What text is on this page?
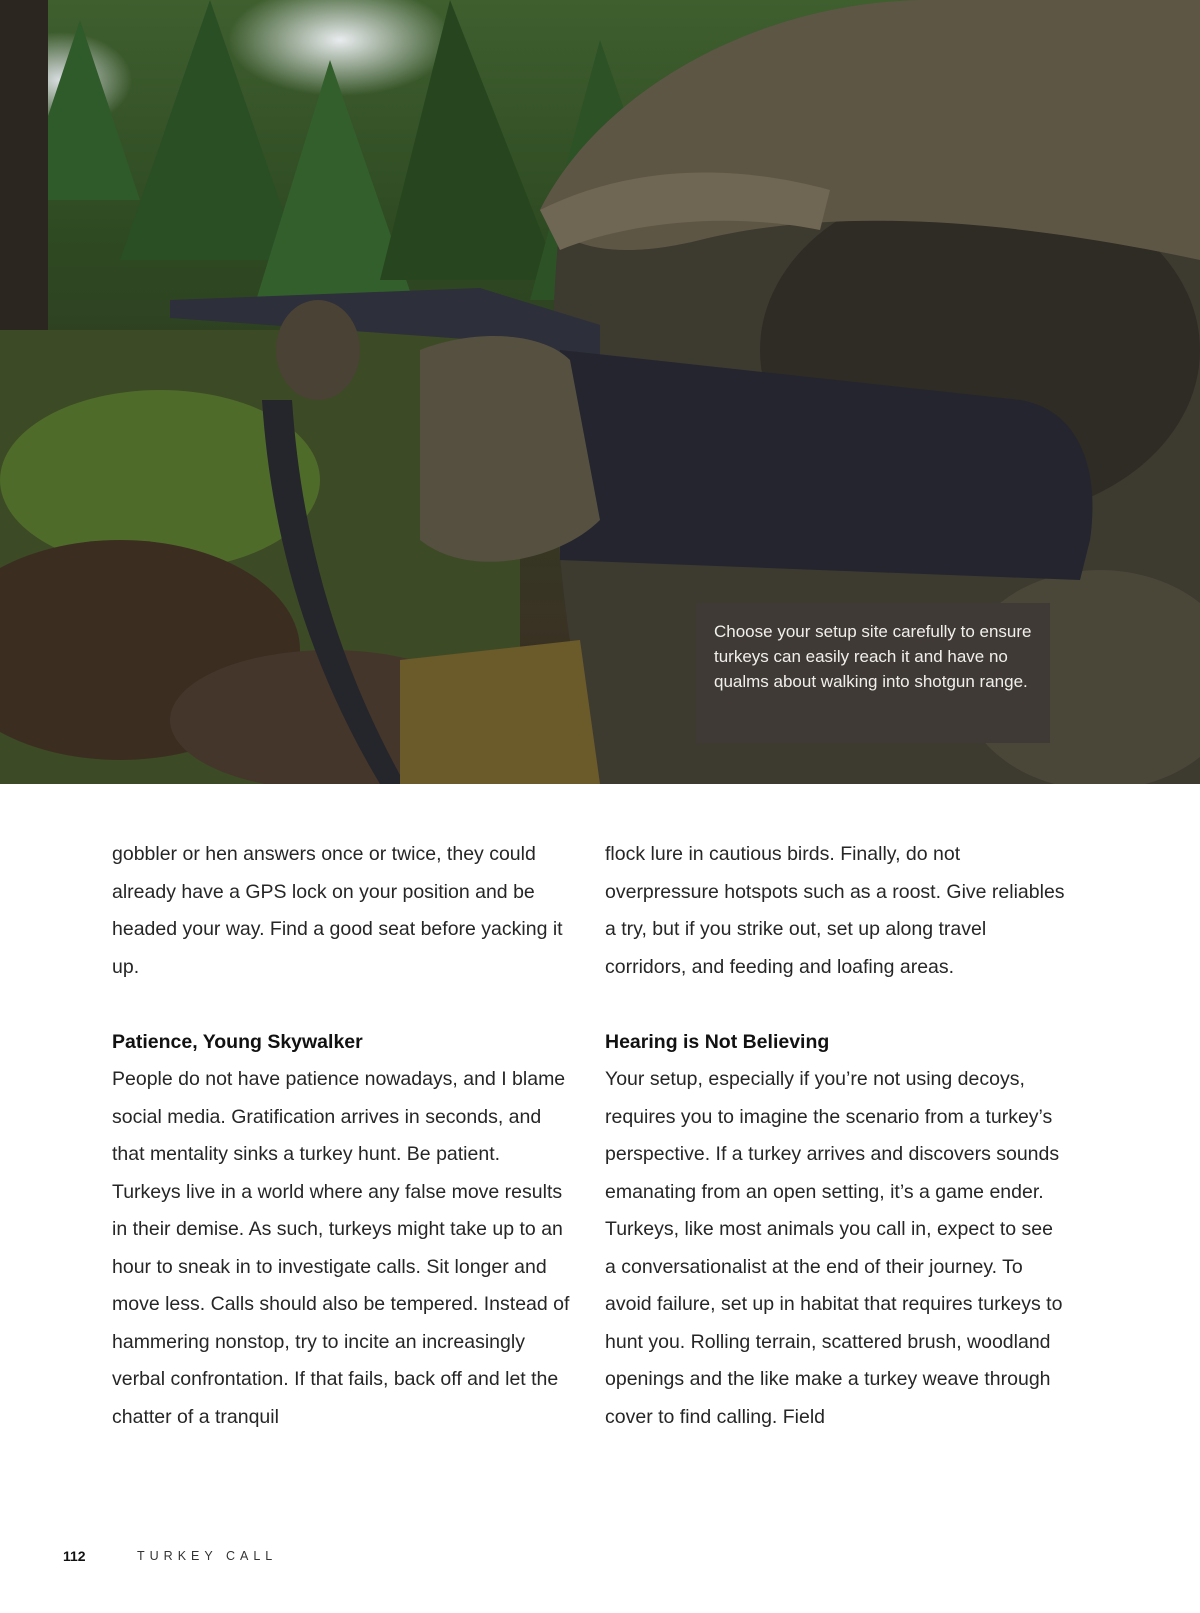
Choose your setup site carefully to ensure turkeys can easily reach it and have no qualms about walking into shotgun range.

gobbler or hen answers once or twice, they could already have a GPS lock on your position and be headed your way. Find a good seat before yacking it up.

Patience, Young Skywalker

People do not have patience nowadays, and I blame social media. Gratification arrives in seconds, and that mentality sinks a turkey hunt. Be patient. Turkeys live in a world where any false move results in their demise. As such, turkeys might take up to an hour to sneak in to investigate calls. Sit longer and move less. Calls should also be tempered. Instead of hammering nonstop, try to incite an increasingly verbal confrontation. If that fails, back off and let the chatter of a tranquil

flock lure in cautious birds. Finally, do not overpressure hotspots such as a roost. Give reliables a try, but if you strike out, set up along travel corridors, and feeding and loafing areas.

Hearing is Not Believing

Your setup, especially if you’re not using decoys, requires you to imagine the scenario from a turkey’s perspective. If a turkey arrives and discovers sounds emanating from an open setting, it’s a game ender. Turkeys, like most animals you call in, expect to see a conversationalist at the end of their journey. To avoid failure, set up in habitat that requires turkeys to hunt you. Rolling terrain, scattered brush, woodland openings and the like make a turkey weave through cover to find calling. Field

112	TURKEY CALL
